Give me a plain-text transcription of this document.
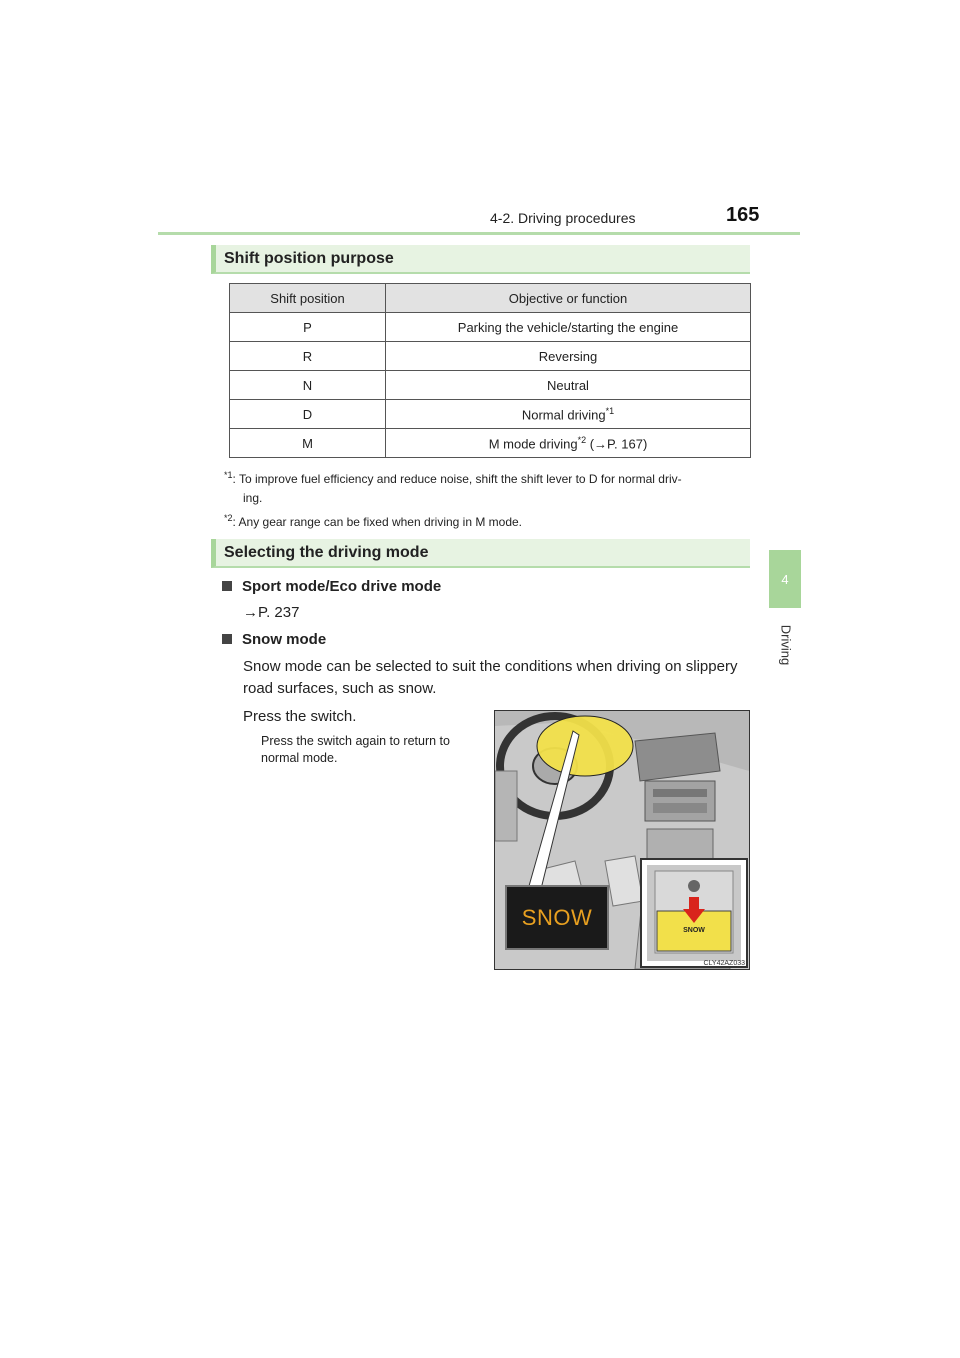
4-2. Driving procedures	165
4
Driving
Shift position purpose
Shift position	Objective or function
P	Parking the vehicle/starting the engine
R	Reversing
N	Neutral
D	Normal driving$^{*1}$
M	M mode driving$^{*2}$ (→P. 167)
$^{*1}$: To improve fuel efficiency and reduce noise, shift the shift lever to D for normal driv-
ing.
$^{*2}$: Any gear range can be fixed when driving in M mode.
Selecting the driving mode
Sport mode/Eco drive mode
→P. 237
Snow mode
Snow mode can be selected to suit the conditions when driving on slippery
road surfaces, such as snow.
Press the switch.
Press the switch again to return to
normal mode.
SNOW
SNOW
CLY42AZ033
